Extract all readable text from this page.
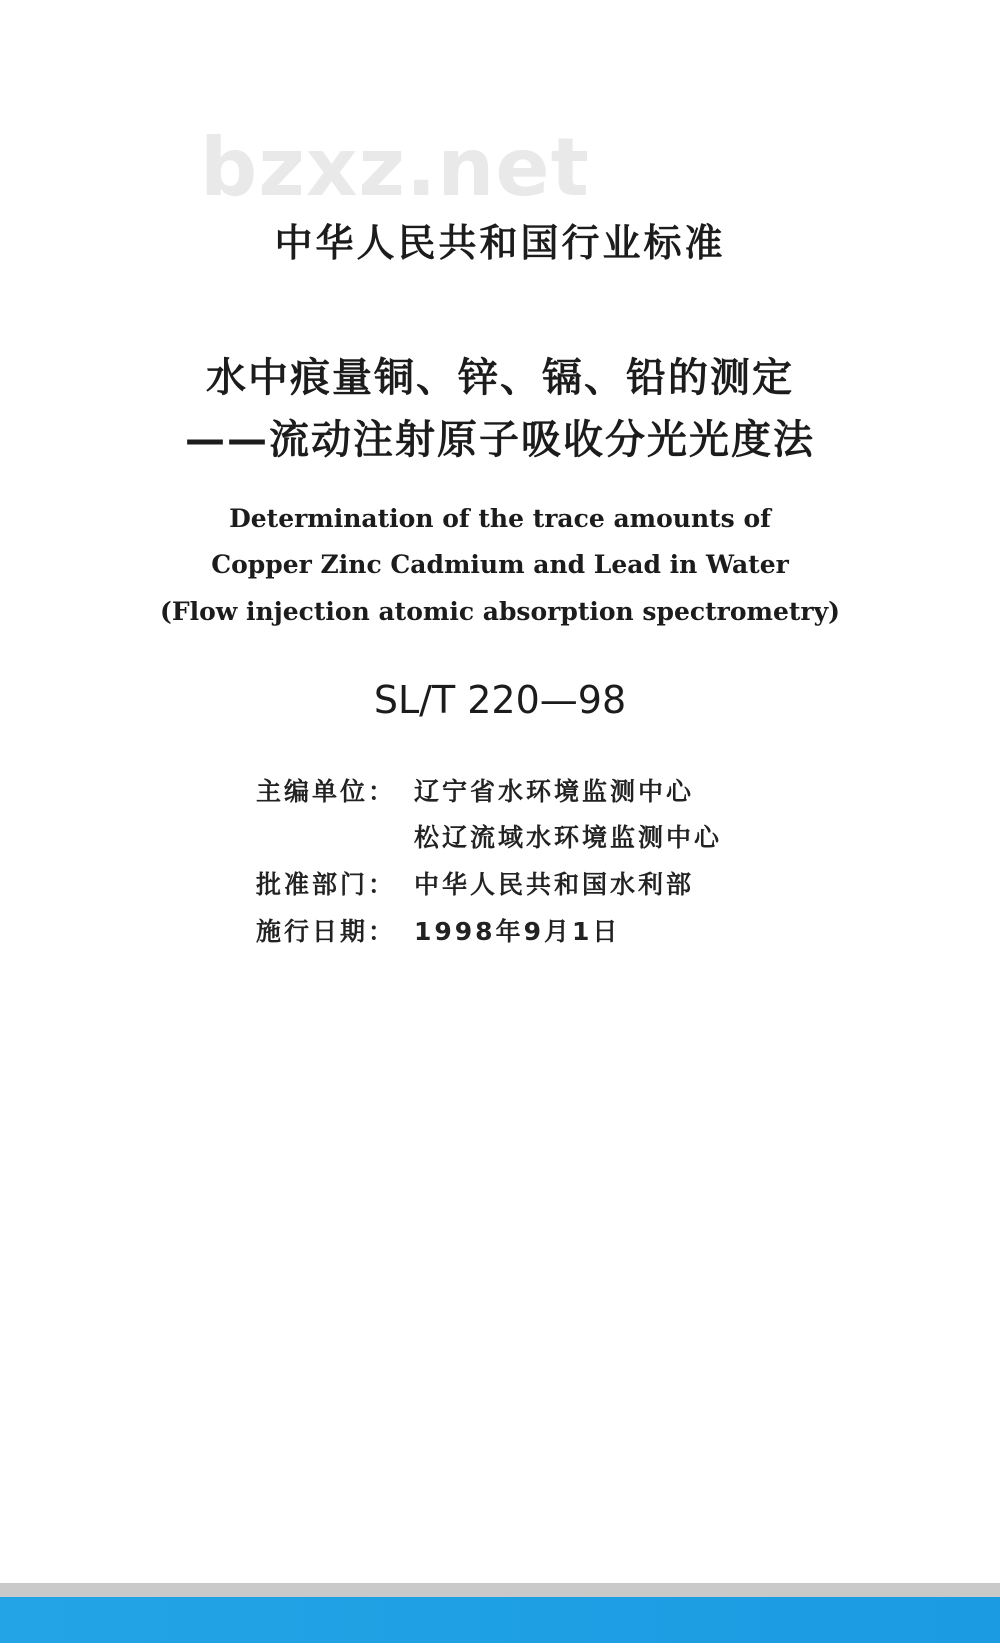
bzxz.net
中华人民共和国行业标准
水中痕量铜、锌、镉、铅的测定
——流动注射原子吸收分光光度法
Determination of the trace amounts of
Copper Zinc Cadmium and Lead in Water
(Flow injection atomic absorption spectrometry)
SL/T 220—98
主编单位： 辽宁省水环境监测中心
松辽流域水环境监测中心
批准部门： 中华人民共和国水利部
施行日期： 1998年9月1日
